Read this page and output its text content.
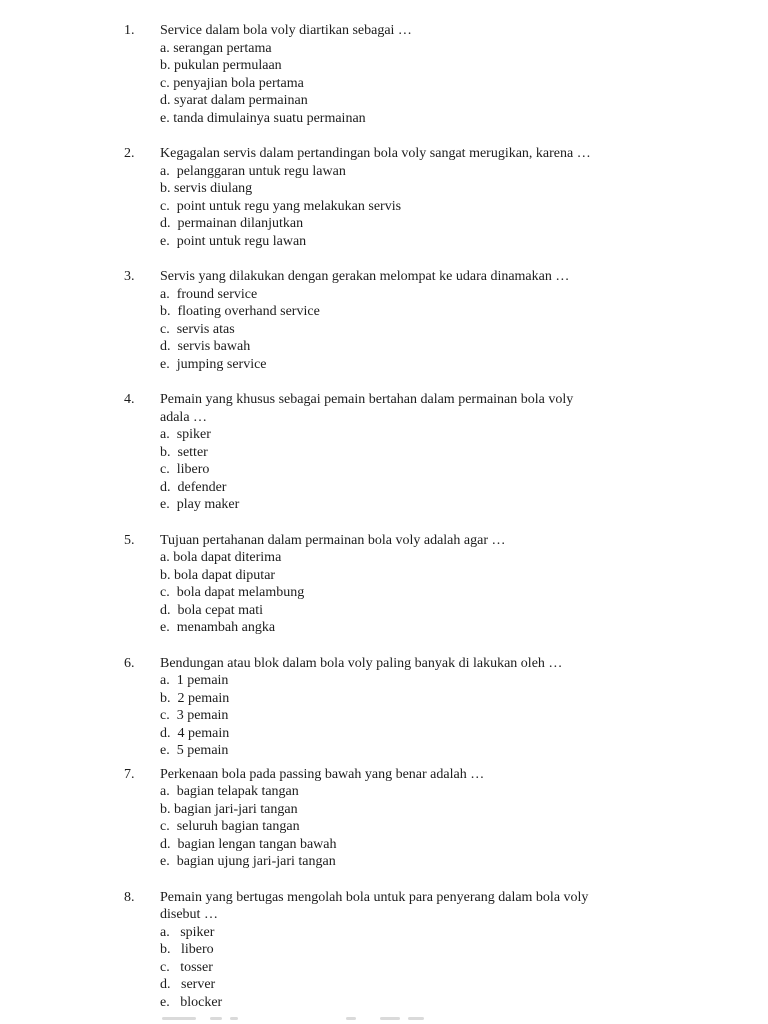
1.	Service dalam bola voly diartikan sebagai …
a. serangan pertama
b. pukulan permulaan
c. penyajian bola pertama
d. syarat dalam permainan
e. tanda dimulainya suatu permainan
2.	Kegagalan servis dalam pertandingan bola voly sangat merugikan, karena …
a.  pelanggaran untuk regu lawan
b. servis diulang
c.  point untuk regu yang melakukan servis
d.  permainan dilanjutkan
e.  point untuk regu lawan
3.	Servis yang dilakukan dengan gerakan melompat ke udara dinamakan …
a.  fround service
b.  floating overhand service
c.  servis atas
d.  servis bawah
e.  jumping service
4.	Pemain yang khusus sebagai pemain bertahan dalam permainan bola voly
adala …
a.  spiker
b.  setter
c.  libero
d.  defender
e.  play maker
5.	Tujuan pertahanan dalam permainan bola voly adalah agar …
a. bola dapat diterima
b. bola dapat diputar
c.  bola dapat melambung
d.  bola cepat mati
e.  menambah angka
6.	Bendungan atau blok dalam bola voly paling banyak di lakukan oleh …
a.  1 pemain
b.  2 pemain
c.  3 pemain
d.  4 pemain
e.  5 pemain
7.	Perkenaan bola pada passing bawah yang benar adalah …
a.  bagian telapak tangan
b. bagian jari-jari tangan
c.  seluruh bagian tangan
d.  bagian lengan tangan bawah
e.  bagian ujung jari-jari tangan
8.	Pemain yang bertugas mengolah bola untuk para penyerang dalam bola voly
disebut …
a.   spiker
b.   libero
c.   tosser
d.   server
e.   blocker
